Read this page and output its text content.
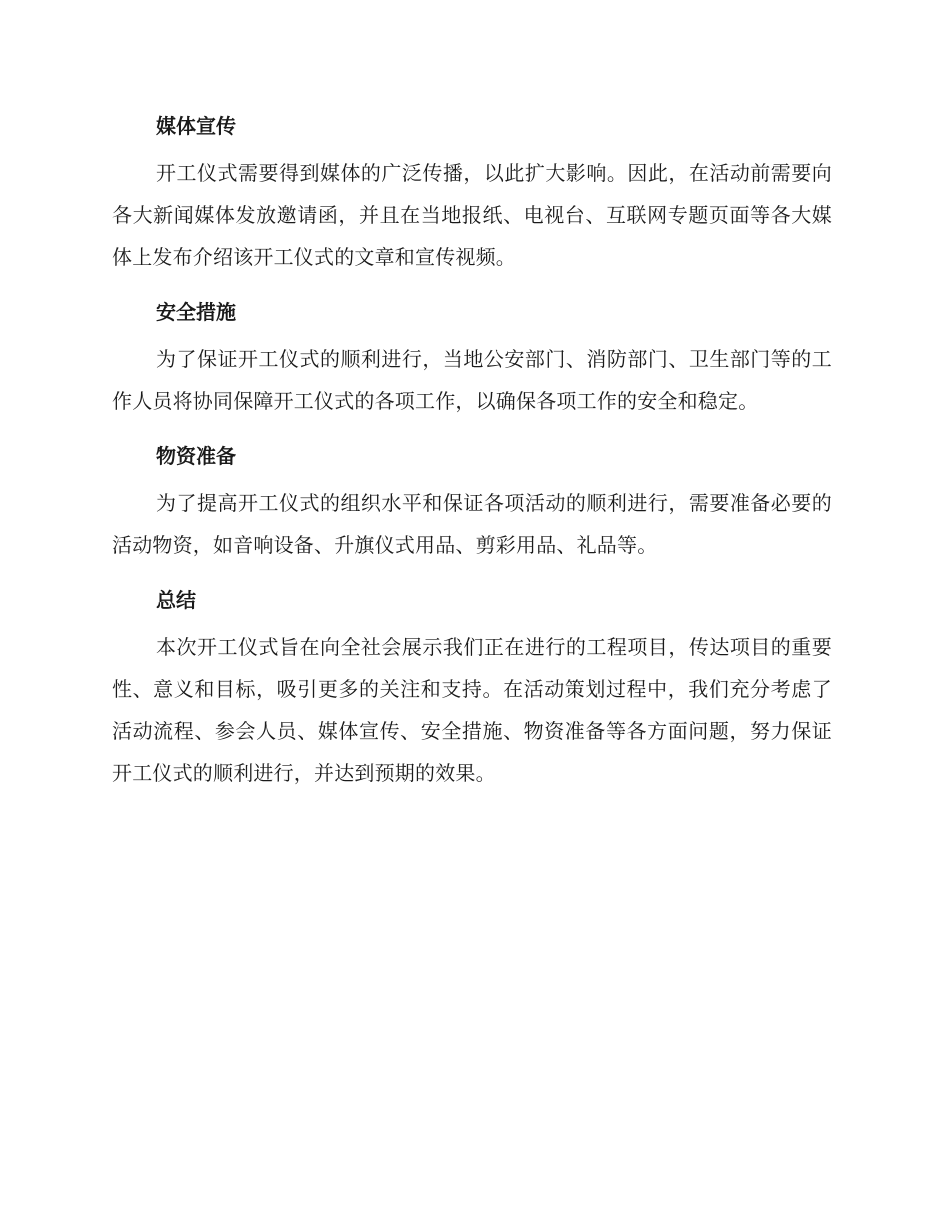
媒体宣传

开工仪式需要得到媒体的广泛传播，以此扩大影响。因此，在活动前需要向各大新闻媒体发放邀请函，并且在当地报纸、电视台、互联网专题页面等各大媒体上发布介绍该开工仪式的文章和宣传视频。

安全措施

为了保证开工仪式的顺利进行，当地公安部门、消防部门、卫生部门等的工作人员将协同保障开工仪式的各项工作，以确保各项工作的安全和稳定。

物资准备

为了提高开工仪式的组织水平和保证各项活动的顺利进行，需要准备必要的活动物资，如音响设备、升旗仪式用品、剪彩用品、礼品等。

总结

本次开工仪式旨在向全社会展示我们正在进行的工程项目，传达项目的重要性、意义和目标，吸引更多的关注和支持。在活动策划过程中，我们充分考虑了活动流程、参会人员、媒体宣传、安全措施、物资准备等各方面问题，努力保证开工仪式的顺利进行，并达到预期的效果。
